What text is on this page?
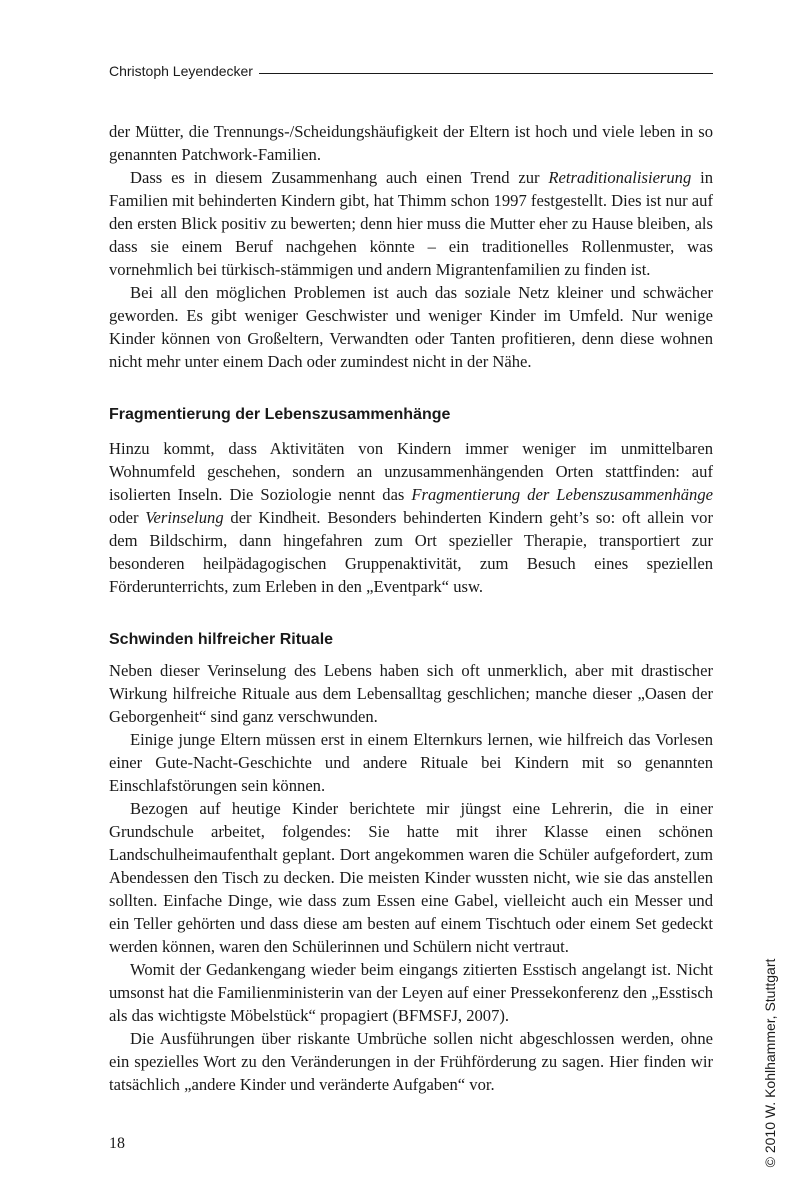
Christoph Leyendecker

der Mütter, die Trennungs-/Scheidungshäufigkeit der Eltern ist hoch und viele leben in so genannten Patchwork-Familien.

Dass es in diesem Zusammenhang auch einen Trend zur Retraditionalisierung in Familien mit behinderten Kindern gibt, hat Thimm schon 1997 festgestellt. Dies ist nur auf den ersten Blick positiv zu bewerten; denn hier muss die Mutter eher zu Hause bleiben, als dass sie einem Beruf nachgehen könnte – ein traditionelles Rollenmuster, was vornehmlich bei türkisch-stämmigen und andern Migrantenfamilien zu finden ist.

Bei all den möglichen Problemen ist auch das soziale Netz kleiner und schwächer geworden. Es gibt weniger Geschwister und weniger Kinder im Umfeld. Nur wenige Kinder können von Großeltern, Verwandten oder Tanten profitieren, denn diese wohnen nicht mehr unter einem Dach oder zumindest nicht in der Nähe.

Fragmentierung der Lebenszusammenhänge

Hinzu kommt, dass Aktivitäten von Kindern immer weniger im unmittelbaren Wohnumfeld geschehen, sondern an unzusammenhängenden Orten stattfinden: auf isolierten Inseln. Die Soziologie nennt das Fragmentierung der Lebenszusammenhänge oder Verinselung der Kindheit. Besonders behinderten Kindern geht’s so: oft allein vor dem Bildschirm, dann hingefahren zum Ort spezieller Therapie, transportiert zur besonderen heilpädagogischen Gruppenaktivität, zum Besuch eines speziellen Förderunterrichts, zum Erleben in den „Eventpark“ usw.

Schwinden hilfreicher Rituale

Neben dieser Verinselung des Lebens haben sich oft unmerklich, aber mit drastischer Wirkung hilfreiche Rituale aus dem Lebensalltag geschlichen; manche dieser „Oasen der Geborgenheit“ sind ganz verschwunden.

Einige junge Eltern müssen erst in einem Elternkurs lernen, wie hilfreich das Vorlesen einer Gute-Nacht-Geschichte und andere Rituale bei Kindern mit so genannten Einschlafstörungen sein können.

Bezogen auf heutige Kinder berichtete mir jüngst eine Lehrerin, die in einer Grundschule arbeitet, folgendes: Sie hatte mit ihrer Klasse einen schönen Landschulheimaufenthalt geplant. Dort angekommen waren die Schüler aufgefordert, zum Abendessen den Tisch zu decken. Die meisten Kinder wussten nicht, wie sie das anstellen sollten. Einfache Dinge, wie dass zum Essen eine Gabel, vielleicht auch ein Messer und ein Teller gehörten und dass diese am besten auf einem Tischtuch oder einem Set gedeckt werden können, waren den Schülerinnen und Schülern nicht vertraut.

Womit der Gedankengang wieder beim eingangs zitierten Esstisch angelangt ist. Nicht umsonst hat die Familienministerin van der Leyen auf einer Pressekonferenz den „Esstisch als das wichtigste Möbelstück“ propagiert (BFMSFJ, 2007).

Die Ausführungen über riskante Umbrüche sollen nicht abgeschlossen werden, ohne ein spezielles Wort zu den Veränderungen in der Frühförderung zu sagen. Hier finden wir tatsächlich „andere Kinder und veränderte Aufgaben“ vor.

18	© 2010 W. Kohlhammer, Stuttgart
